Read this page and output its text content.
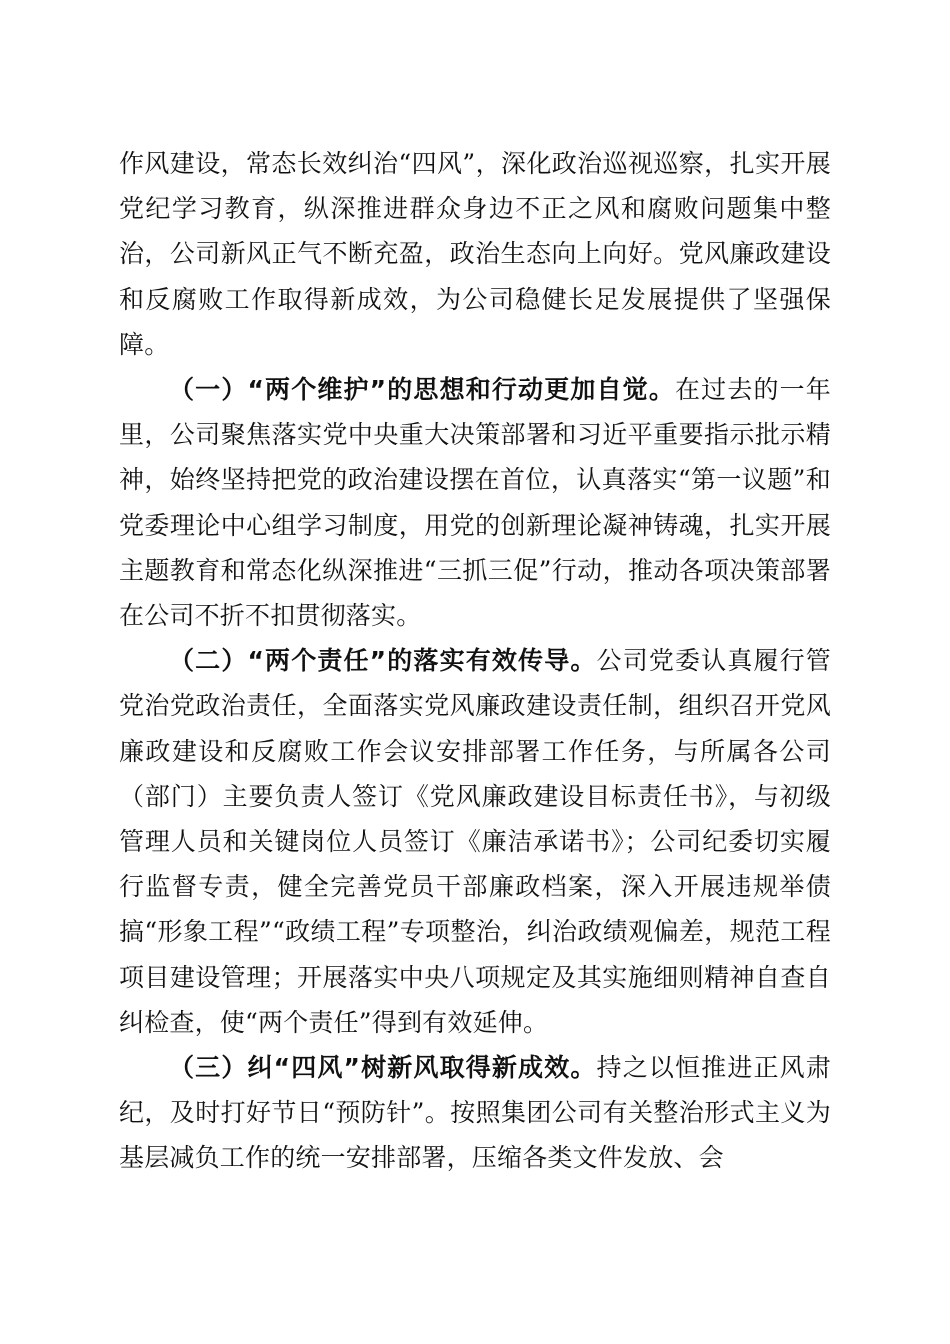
作风建设，常态长效纠治“四风”，深化政治巡视巡察，扎实开展党纪学习教育，纵深推进群众身边不正之风和腐败问题集中整治，公司新风正气不断充盈，政治生态向上向好。党风廉政建设和反腐败工作取得新成效，为公司稳健长足发展提供了坚强保障。

（一）“两个维护”的思想和行动更加自觉。在过去的一年里，公司聚焦落实党中央重大决策部署和习近平重要指示批示精神，始终坚持把党的政治建设摆在首位，认真落实“第一议题”和党委理论中心组学习制度，用党的创新理论凝神铸魂，扎实开展主题教育和常态化纵深推进“三抓三促”行动，推动各项决策部署在公司不折不扣贯彻落实。

（二）“两个责任”的落实有效传导。公司党委认真履行管党治党政治责任，全面落实党风廉政建设责任制，组织召开党风廉政建设和反腐败工作会议安排部署工作任务，与所属各公司（部门）主要负责人签订《党风廉政建设目标责任书》，与初级管理人员和关键岗位人员签订《廉洁承诺书》；公司纪委切实履行监督专责，健全完善党员干部廉政档案，深入开展违规举债搞“形象工程”“政绩工程”专项整治，纠治政绩观偏差，规范工程项目建设管理；开展落实中央八项规定及其实施细则精神自查自纠检查，使“两个责任”得到有效延伸。

（三）纠“四风”树新风取得新成效。持之以恒推进正风肃纪，及时打好节日“预防针”。按照集团公司有关整治形式主义为基层减负工作的统一安排部署，压缩各类文件发放、会
